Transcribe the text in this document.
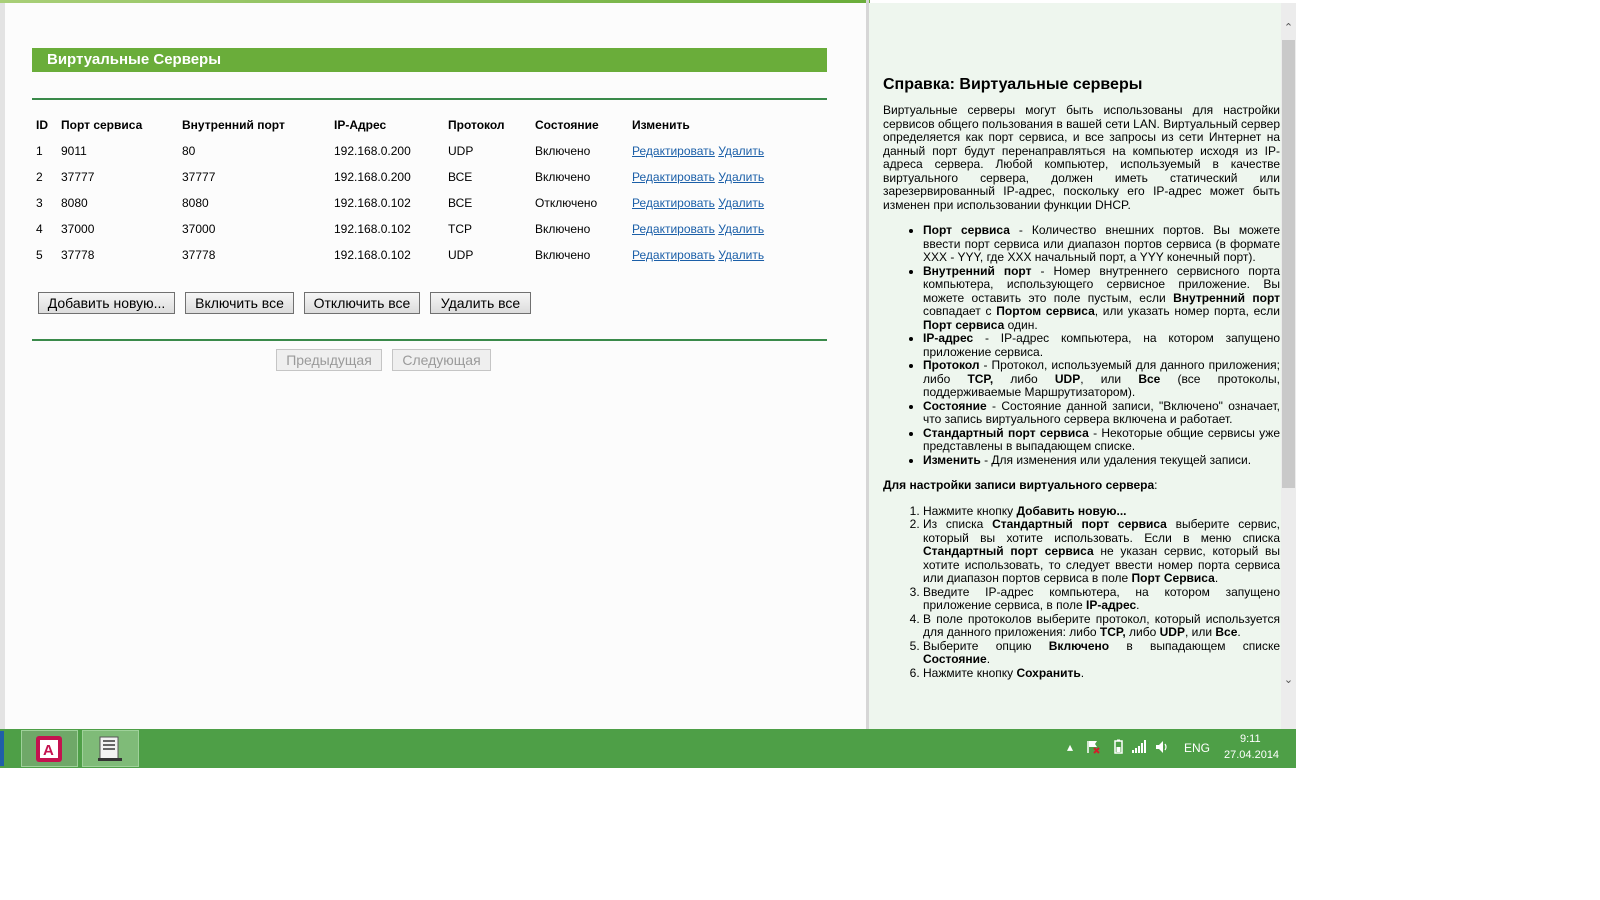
Виртуальные Серверы
ID	Порт сервиса	Внутренний порт	IP-Адрес	Протокол	Состояние	Изменить
1	9011	80	192.168.0.200	UDP	Включено	Редактировать Удалить
2	37777	37777	192.168.0.200	ВСЕ	Включено	Редактировать Удалить
3	8080	8080	192.168.0.102	ВСЕ	Отключено	Редактировать Удалить
4	37000	37000	192.168.0.102	TCP	Включено	Редактировать Удалить
5	37778	37778	192.168.0.102	UDP	Включено	Редактировать Удалить
Добавить новую...	Включить все	Отключить все	Удалить все
Предыдущая	Следующая
Справка: Виртуальные серверы

Виртуальные серверы могут быть использованы для настройки сервисов общего пользования в вашей сети LAN. Виртуальный сервер определяется как порт сервиса, и все запросы из сети Интернет на данный порт будут перенаправляться на компьютер исходя из IP-адреса сервера. Любой компьютер, используемый в качестве виртуального сервера, должен иметь статический или зарезервированный IP-адрес, поскольку его IP-адрес может быть изменен при использовании функции DHCP.

• Порт сервиса - Количество внешних портов. Вы можете ввести порт сервиса или диапазон портов сервиса (в формате XXX - YYY, где XXX начальный порт, а YYY конечный порт).
• Внутренний порт - Номер внутреннего сервисного порта компьютера, использующего сервисное приложение. Вы можете оставить это поле пустым, если Внутренний порт совпадает с Портом сервиса, или указать номер порта, если Порт сервиса один.
• IP-адрес - IP-адрес компьютера, на котором запущено приложение сервиса.
• Протокол - Протокол, используемый для данного приложения; либо TCP, либо UDP, или Все (все протоколы, поддерживаемые Маршрутизатором).
• Состояние - Состояние данной записи, "Включено" означает, что запись виртуального сервера включена и работает.
• Стандартный порт сервиса - Некоторые общие сервисы уже представлены в выпадающем списке.
• Изменить - Для изменения или удаления текущей записи.
Для настройки записи виртуального сервера:
1. Нажмите кнопку Добавить новую...
2. Из списка Стандартный порт сервиса выберите сервис, который вы хотите использовать. Если в меню списка Стандартный порт сервиса не указан сервис, который вы хотите использовать, то следует ввести номер порта сервиса или диапазон портов сервиса в поле Порт Сервиса.
3. Введите IP-адрес компьютера, на котором запущено приложение сервиса, в поле IP-адрес.
4. В поле протоколов выберите протокол, который используется для данного приложения: либо TCP, либо UDP, или Все.
5. Выберите опцию Включено в выпадающем списке Состояние.
6. Нажмите кнопку Сохранить.
⌃
⌄
A	▴	ENG
9:11
27.04.2014
